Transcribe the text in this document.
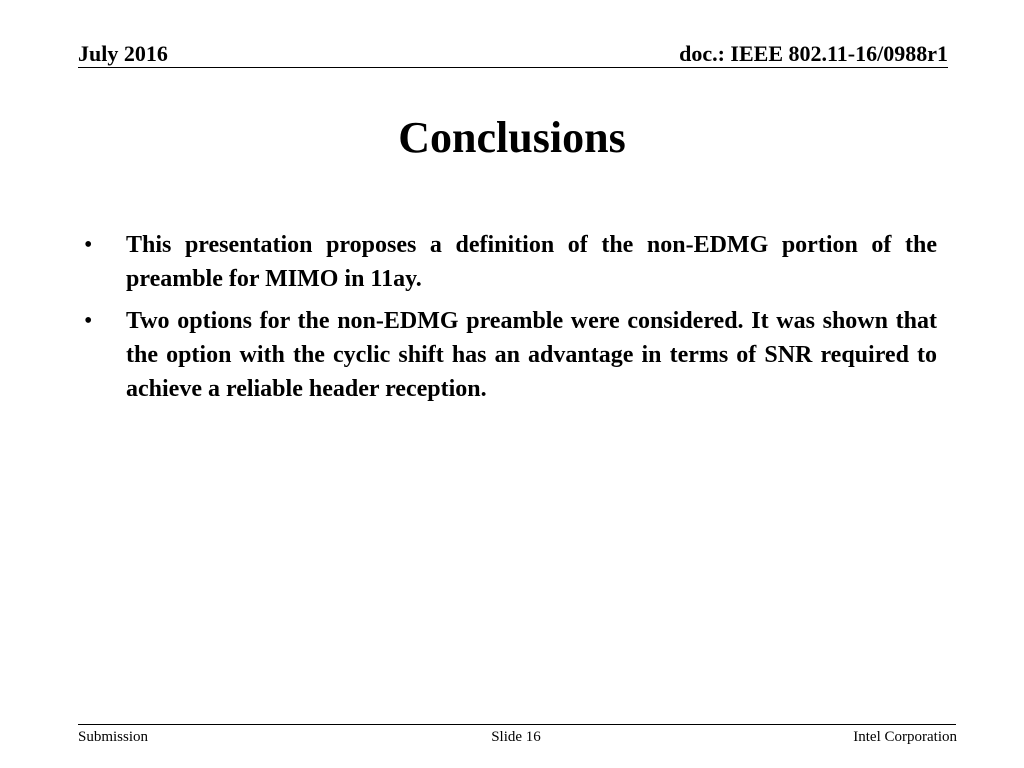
July 2016	doc.: IEEE 802.11-16/0988r1
Conclusions
•	This presentation proposes a definition of the non-EDMG portion of the preamble for MIMO in 11ay.
•	Two options for the non-EDMG preamble were considered. It was shown that the option with the cyclic shift has an advantage in terms of SNR required to achieve a reliable header reception.
Submission	Slide 16	Intel Corporation
